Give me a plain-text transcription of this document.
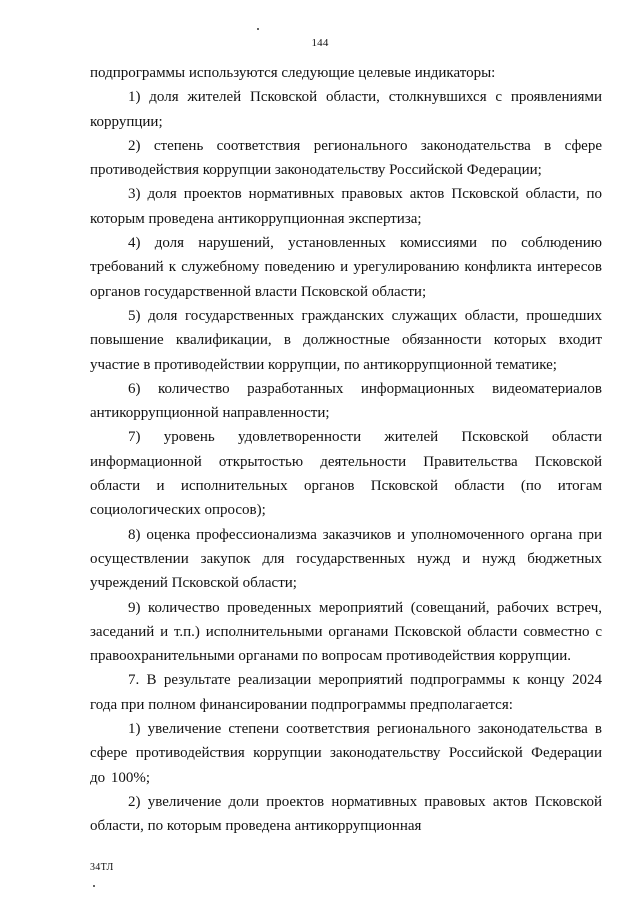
144

подпрограммы используются следующие целевые индикаторы:

1) доля жителей Псковской области, столкнувшихся с проявлениями коррупции;

2) степень соответствия регионального законодательства в сфере противодействия коррупции законодательству Российской Федерации;

3) доля проектов нормативных правовых актов Псковской области, по которым проведена антикоррупционная экспертиза;

4) доля нарушений, установленных комиссиями по соблюдению требований к служебному поведению и урегулированию конфликта интересов органов государственной власти Псковской области;

5) доля государственных гражданских служащих области, прошедших повышение квалификации, в должностные обязанности которых входит участие в противодействии коррупции, по антикоррупционной тематике;

6) количество разработанных информационных видеоматериалов антикоррупционной направленности;

7) уровень удовлетворенности жителей Псковской области информационной открытостью деятельности Правительства Псковской области и исполнительных органов Псковской области (по итогам социологических опросов);

8) оценка профессионализма заказчиков и уполномоченного органа при осуществлении закупок для государственных нужд и нужд бюджетных учреждений Псковской области;

9) количество проведенных мероприятий (совещаний, рабочих встреч, заседаний и т.п.) исполнительными органами Псковской области совместно с правоохранительными органами по вопросам противодействия коррупции.

7. В результате реализации мероприятий подпрограммы к концу 2024 года при полном финансировании подпрограммы предполагается:

1) увеличение степени соответствия регионального законодательства в сфере противодействия коррупции законодательству Российской Федерации до 100%;

2) увеличение доли проектов нормативных правовых актов Псковской области, по которым проведена антикоррупционная

34ТЛ
